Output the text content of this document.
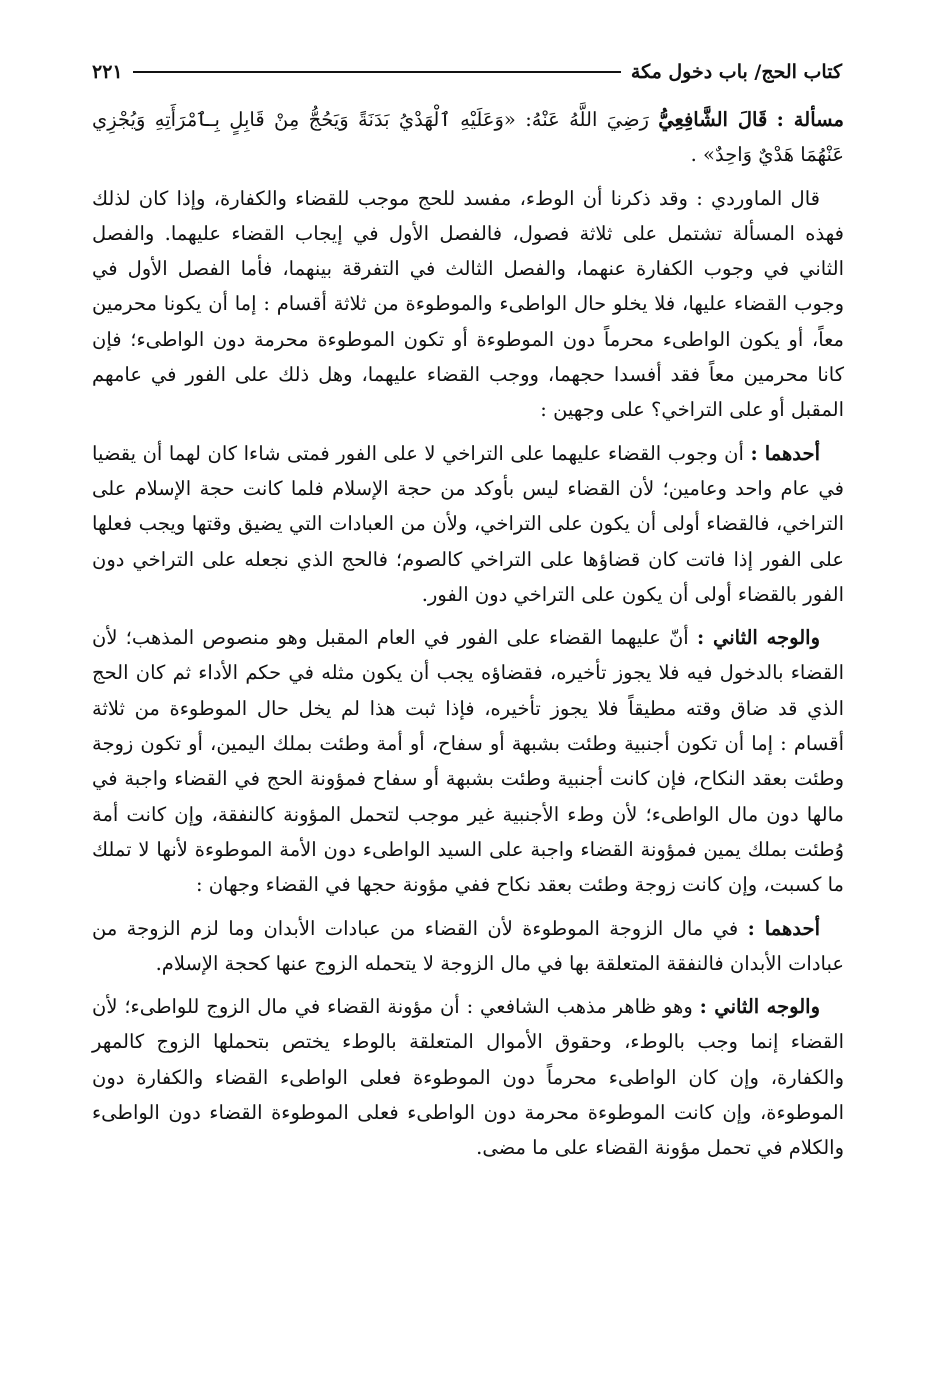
كتاب الحج/ باب دخول مكة
٢٢١

مسألة : قَالَ الشَّافِعِيُّ رَضِيَ اللَّهُ عَنْهُ: «وَعَلَيْهِ ٱلْهَدْيُ بَدَنَةً وَيَحُجُّ مِنْ قَابِلٍ بِـٱمْرَأَتِهِ وَيُجْزِي عَنْهُمَا هَدْيٌ وَاحِدٌ» .

قال الماوردي : وقد ذكرنا أن الوطء، مفسد للحج موجب للقضاء والكفارة، وإذا كان لذلك فهذه المسألة تشتمل على ثلاثة فصول، فالفصل الأول في إيجاب القضاء عليهما. والفصل الثاني في وجوب الكفارة عنهما، والفصل الثالث في التفرقة بينهما، فأما الفصل الأول في وجوب القضاء عليها، فلا يخلو حال الواطىء والموطوءة من ثلاثة أقسام : إما أن يكونا محرمين معاً، أو يكون الواطىء محرماً دون الموطوءة أو تكون الموطوءة محرمة دون الواطىء؛ فإن كانا محرمين معاً فقد أفسدا حجهما، ووجب القضاء عليهما، وهل ذلك على الفور في عامهم المقبل أو على التراخي؟ على وجهين :

أحدهما : أن وجوب القضاء عليهما على التراخي لا على الفور فمتى شاءا كان لهما أن يقضيا في عام واحد وعامين؛ لأن القضاء ليس بأوكد من حجة الإسلام فلما كانت حجة الإسلام على التراخي، فالقضاء أولى أن يكون على التراخي، ولأن من العبادات التي يضيق وقتها ويجب فعلها على الفور إذا فاتت كان قضاؤها على التراخي كالصوم؛ فالحج الذي نجعله على التراخي دون الفور بالقضاء أولى أن يكون على التراخي دون الفور.

والوجه الثاني : أنّ عليهما القضاء على الفور في العام المقبل وهو منصوص المذهب؛ لأن القضاء بالدخول فيه فلا يجوز تأخيره، فقضاؤه يجب أن يكون مثله في حكم الأداء ثم كان الحج الذي قد ضاق وقته مطيقاً فلا يجوز تأخيره، فإذا ثبت هذا لم يخل حال الموطوءة من ثلاثة أقسام : إما أن تكون أجنبية وطئت بشبهة أو سفاح، أو أمة وطئت بملك اليمين، أو تكون زوجة وطئت بعقد النكاح، فإن كانت أجنبية وطئت بشبهة أو سفاح فمؤونة الحج في القضاء واجبة في مالها دون مال الواطىء؛ لأن وطء الأجنبية غير موجب لتحمل المؤونة كالنفقة، وإن كانت أمة وُطئت بملك يمين فمؤونة القضاء واجبة على السيد الواطىء دون الأمة الموطوءة لأنها لا تملك ما كسبت، وإن كانت زوجة وطئت بعقد نكاح ففي مؤونة حجها في القضاء وجهان :

أحدهما : في مال الزوجة الموطوءة لأن القضاء من عبادات الأبدان وما لزم الزوجة من عبادات الأبدان فالنفقة المتعلقة بها في مال الزوجة لا يتحمله الزوج عنها كحجة الإسلام.

والوجه الثاني : وهو ظاهر مذهب الشافعي : أن مؤونة القضاء في مال الزوج للواطىء؛ لأن القضاء إنما وجب بالوطء، وحقوق الأموال المتعلقة بالوطء يختص بتحملها الزوج كالمهر والكفارة، وإن كان الواطىء محرماً دون الموطوءة فعلى الواطىء القضاء والكفارة دون الموطوءة، وإن كانت الموطوءة محرمة دون الواطىء فعلى الموطوءة القضاء دون الواطىء والكلام في تحمل مؤونة القضاء على ما مضى.
